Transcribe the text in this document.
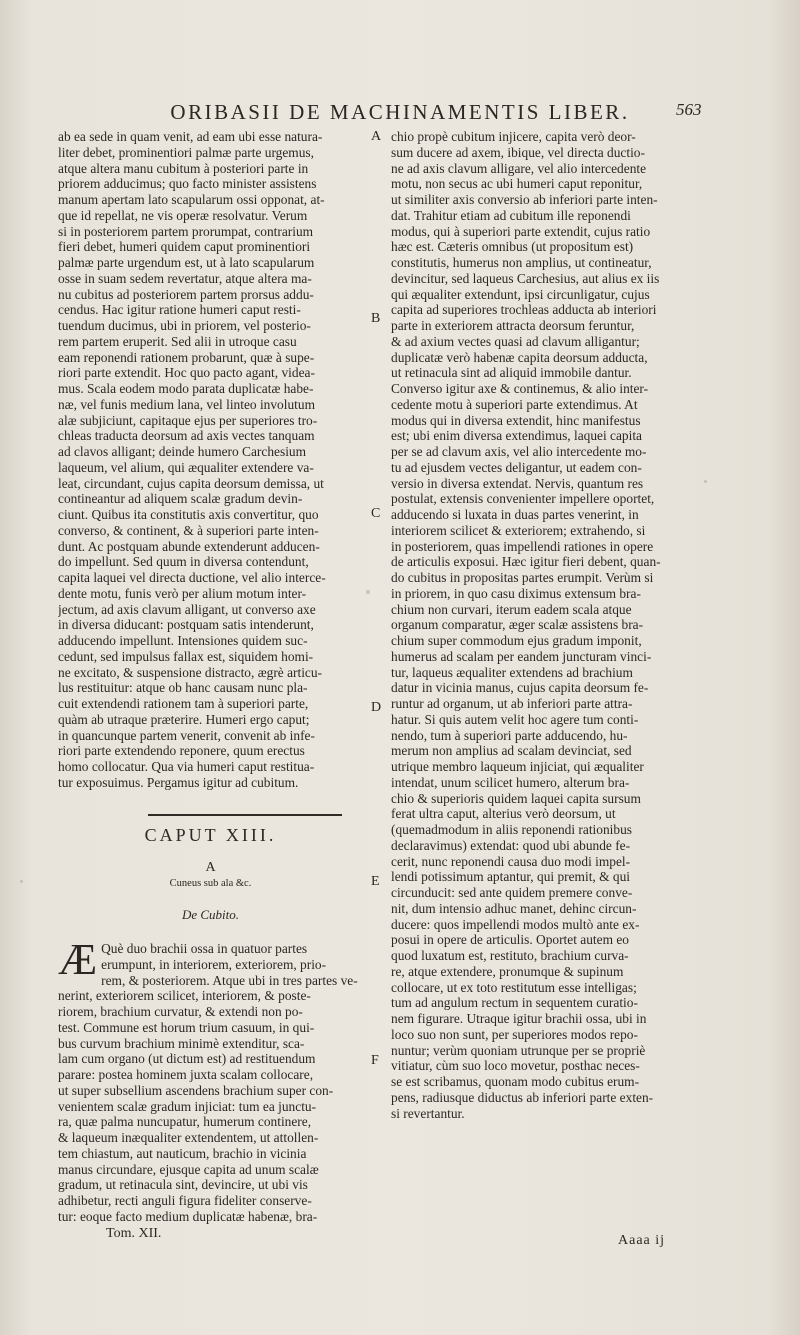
ORIBASII DE MACHINAMENTIS LIBER.	563
ab ea sede in quam venit, ad eam ubi esse natura-
liter debet, prominentiori palmæ parte urgemus,
atque altera manu cubitum à posteriori parte in
priorem adducimus; quo facto minister assistens
manum apertam lato scapularum ossi opponat, at-
que id repellat, ne vis operæ resolvatur. Verum
si in posteriorem partem prorumpat, contrarium
fieri debet, humeri quidem caput prominentiori
palmæ parte urgendum est, ut à lato scapularum
osse in suam sedem revertatur, atque altera ma-
nu cubitus ad posteriorem partem prorsus addu-
cendus. Hac igitur ratione humeri caput resti-
tuendum ducimus, ubi in priorem, vel posterio-
rem partem eruperit. Sed alii in utroque casu
eam reponendi rationem probarunt, quæ à supe-
riori parte extendit. Hoc quo pacto agant, videa-
mus. Scala eodem modo parata duplicatæ habe-
næ, vel funis medium lana, vel linteo involutum
alæ subjiciunt, capitaque ejus per superiores tro-
chleas traducta deorsum ad axis vectes tanquam
ad clavos alligant; deinde humero Carchesium
laqueum, vel alium, qui æqualiter extendere va-
leat, circundant, cujus capita deorsum demissa, ut
contineantur ad aliquem scalæ gradum devin-
ciunt. Quibus ita constitutis axis convertitur, quo
converso, & continent, & à superiori parte inten-
dunt. Ac postquam abunde extenderunt adducen-
do impellunt. Sed quum in diversa contendunt,
capita laquei vel directa ductione, vel alio interce-
dente motu, funis verò per alium motum inter-
jectum, ad axis clavum alligant, ut converso axe
in diversa diducant: postquam satis intenderunt,
adducendo impellunt. Intensiones quidem suc-
cedunt, sed impulsus fallax est, siquidem homi-
ne excitato, & suspensione distracto, ægrè articu-
lus restituitur: atque ob hanc causam nunc pla-
cuit extendendi rationem tam à superiori parte,
quàm ab utraque præterire. Humeri ergo caput;
in quancunque partem venerit, convenit ab infe-
riori parte extendendo reponere, quum erectus
homo collocatur. Qua via humeri caput restitua-
tur exposuimus. Pergamus igitur ad cubitum.
chio propè cubitum injicere, capita verò deor-
sum ducere ad axem, ibique, vel directa ductio-
ne ad axis clavum alligare, vel alio intercedente
motu, non secus ac ubi humeri caput reponitur,
ut similiter axis conversio ab inferiori parte inten-
dat. Trahitur etiam ad cubitum ille reponendi
modus, qui à superiori parte extendit, cujus ratio
hæc est. Cæteris omnibus (ut propositum est)
constitutis, humerus non amplius, ut contineatur,
devincitur, sed laqueus Carchesius, aut alius ex iis
qui æqualiter extendunt, ipsi circunligatur, cujus
capita ad superiores trochleas adducta ab interiori
parte in exteriorem attracta deorsum feruntur,
& ad axium vectes quasi ad clavum alligantur;
duplicatæ verò habenæ capita deorsum adducta,
ut retinacula sint ad aliquid immobile dantur.
Converso igitur axe & continemus, & alio inter-
cedente motu à superiori parte extendimus. At
modus qui in diversa extendit, hinc manifestus
est; ubi enim diversa extendimus, laquei capita
per se ad clavum axis, vel alio intercedente mo-
tu ad ejusdem vectes deligantur, ut eadem con-
versio in diversa extendat. Nervis, quantum res
postulat, extensis convenienter impellere oportet,
adducendo si luxata in duas partes venerint, in
interiorem scilicet & exteriorem; extrahendo, si
in posteriorem, quas impellendi rationes in opere
de articulis exposui. Hæc igitur fieri debent, quan-
do cubitus in propositas partes erumpit. Verùm si
in priorem, in quo casu diximus extensum bra-
chium non curvari, iterum eadem scala atque
organum comparatur, æger scalæ assistens bra-
chium super commodum ejus gradum imponit,
humerus ad scalam per eandem juncturam vinci-
tur, laqueus æqualiter extendens ad brachium
datur in vicinia manus, cujus capita deorsum fe-
runtur ad organum, ut ab inferiori parte attra-
hatur. Si quis autem velit hoc agere tum conti-
nendo, tum à superiori parte adducendo, hu-
merum non amplius ad scalam devinciat, sed
utrique membro laqueum injiciat, qui æqualiter
intendat, unum scilicet humero, alterum bra-
chio & superioris quidem laquei capita sursum
ferat ultra caput, alterius verò deorsum, ut
(quemadmodum in aliis reponendi rationibus
declaravimus) extendat: quod ubi abunde fe-
cerit, nunc reponendi causa duo modi impel-
lendi potissimum aptantur, qui premit, & qui
circunducit: sed ante quidem premere conve-
nit, dum intensio adhuc manet, dehinc circun-
ducere: quos impellendi modos multò ante ex-
posui in opere de articulis. Oportet autem eo
quod luxatum est, restituto, brachium curva-
re, atque extendere, pronumque & supinum
collocare, ut ex toto restitutum esse intelligas;
tum ad angulum rectum in sequentem curatio-
nem figurare. Utraque igitur brachii ossa, ubi in
loco suo non sunt, per superiores modos repo-
nuntur; verùm quoniam utrunque per se propriè
vitiatur, cùm suo loco movetur, posthac neces-
se est scribamus, quonam modo cubitus erum-
pens, radiusque diductus ab inferiori parte exten-
si revertantur.
A
B
C
D
E
F
CAPUT XIII.
A
Cuneus sub ala &c.
De Cubito.
Æ Què duo brachii ossa in quatuor partes
erumpunt, in interiorem, exteriorem, prio-
rem, & posteriorem. Atque ubi in tres partes ve-
nerint, exteriorem scilicet, interiorem, & poste-
riorem, brachium curvatur, & extendi non po-
test. Commune est horum trium casuum, in qui-
bus curvum brachium minimè extenditur, sca-
lam cum organo (ut dictum est) ad restituendum
parare: postea hominem juxta scalam collocare,
ut super subsellium ascendens brachium super con-
venientem scalæ gradum injiciat: tum ea junctu-
ra, quæ palma nuncupatur, humerum continere,
& laqueum inæqualiter extendentem, ut attollen-
tem chiastum, aut nauticum, brachio in vicinia
manus circundare, ejusque capita ad unum scalæ
gradum, ut retinacula sint, devincire, ut ubi vis
adhibetur, recti anguli figura fideliter conserve-
tur: eoque facto medium duplicatæ habenæ, bra-
Tom. XII.	Aaaa ij
